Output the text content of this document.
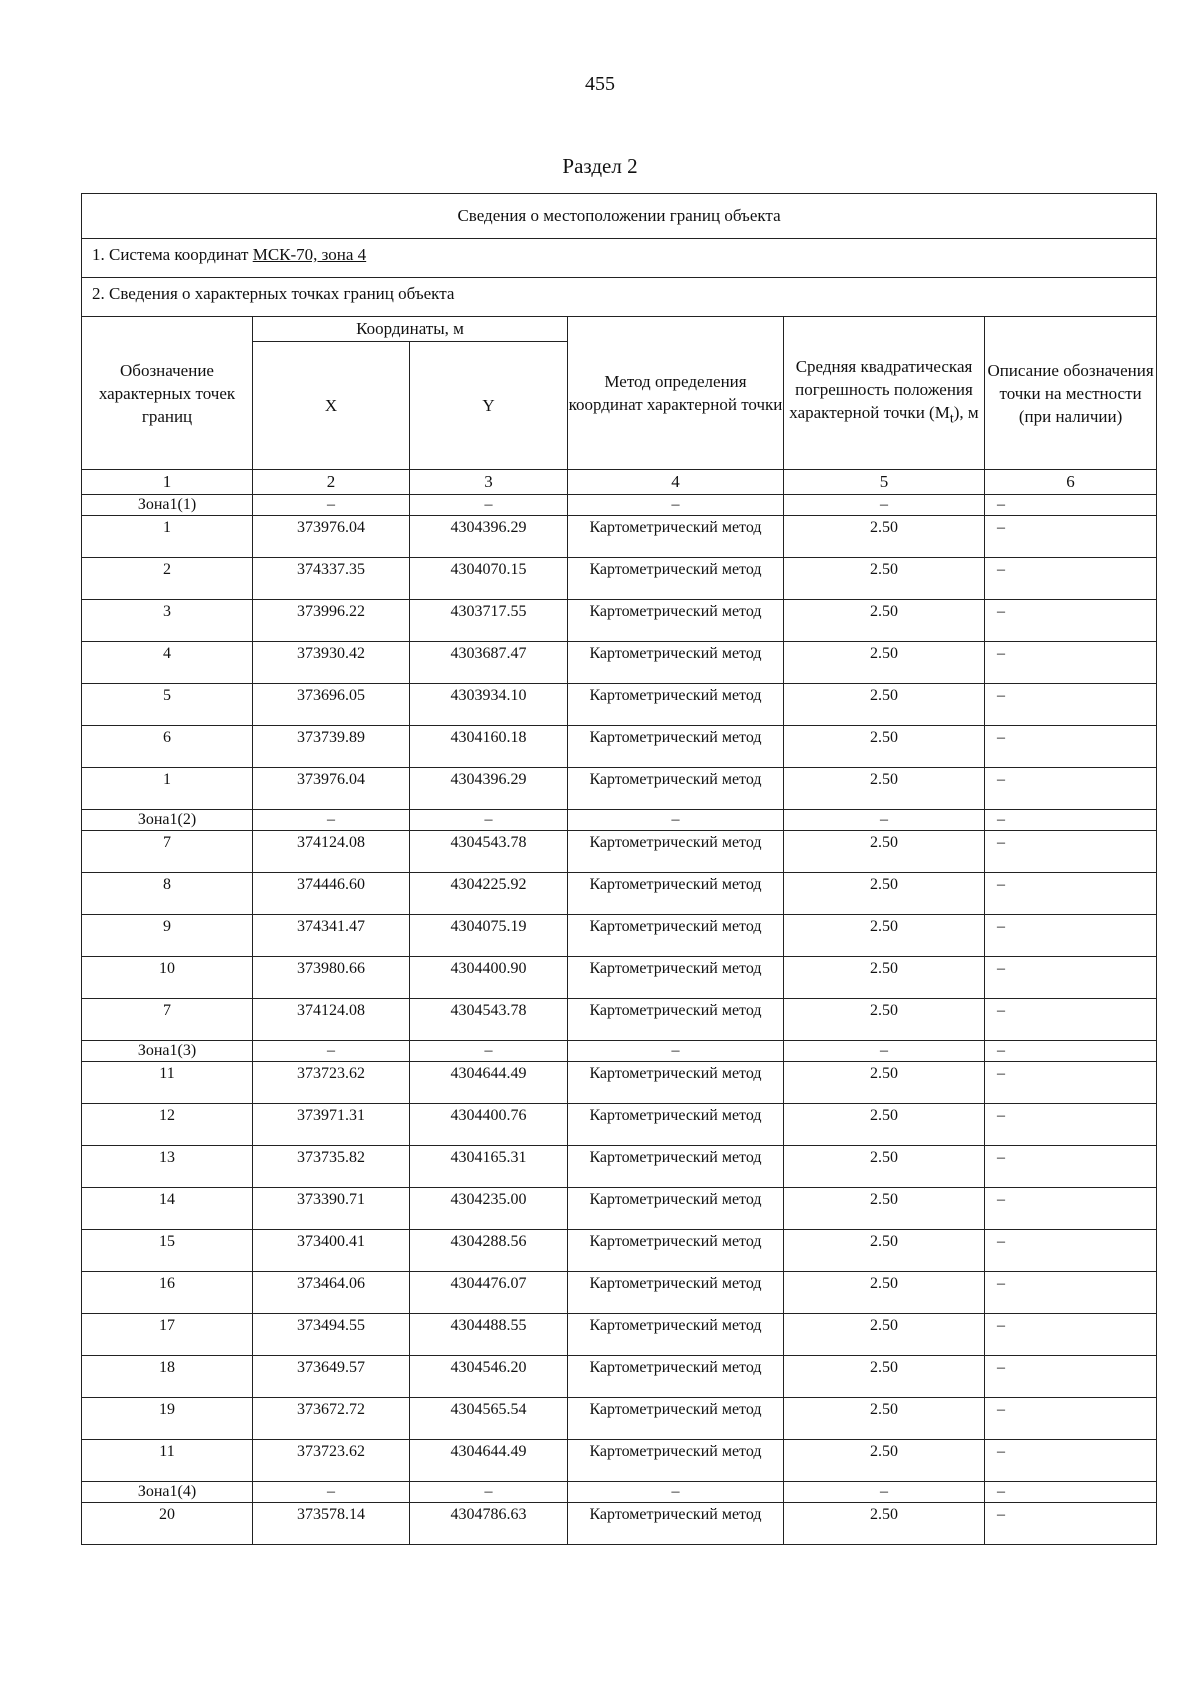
455
Раздел 2
Сведения о местоположении границ объекта					
1. Система координат МСК-70, зона 4					
2. Сведения о характерных точках границ объекта					
Обозначение характерных точек границ	Координаты, м		Метод определения координат характерной точки	Средняя квадратическая погрешность положения характерной точки $(M_t)$, м	Описание обозначения точки на местности (при наличии)
	X	Y			
1	2	3	4	5	6
Зона1(1)	–	–	–	–	–
1	373976.04	4304396.29	Картометрический метод	2.50	–
2	374337.35	4304070.15	Картометрический метод	2.50	–
3	373996.22	4303717.55	Картометрический метод	2.50	–
4	373930.42	4303687.47	Картометрический метод	2.50	–
5	373696.05	4303934.10	Картометрический метод	2.50	–
6	373739.89	4304160.18	Картометрический метод	2.50	–
1	373976.04	4304396.29	Картометрический метод	2.50	–
Зона1(2)	–	–	–	–	–
7	374124.08	4304543.78	Картометрический метод	2.50	–
8	374446.60	4304225.92	Картометрический метод	2.50	–
9	374341.47	4304075.19	Картометрический метод	2.50	–
10	373980.66	4304400.90	Картометрический метод	2.50	–
7	374124.08	4304543.78	Картометрический метод	2.50	–
Зона1(3)	–	–	–	–	–
11	373723.62	4304644.49	Картометрический метод	2.50	–
12	373971.31	4304400.76	Картометрический метод	2.50	–
13	373735.82	4304165.31	Картометрический метод	2.50	–
14	373390.71	4304235.00	Картометрический метод	2.50	–
15	373400.41	4304288.56	Картометрический метод	2.50	–
16	373464.06	4304476.07	Картометрический метод	2.50	–
17	373494.55	4304488.55	Картометрический метод	2.50	–
18	373649.57	4304546.20	Картометрический метод	2.50	–
19	373672.72	4304565.54	Картометрический метод	2.50	–
11	373723.62	4304644.49	Картометрический метод	2.50	–
Зона1(4)	–	–	–	–	–
20	373578.14	4304786.63	Картометрический метод	2.50	–
